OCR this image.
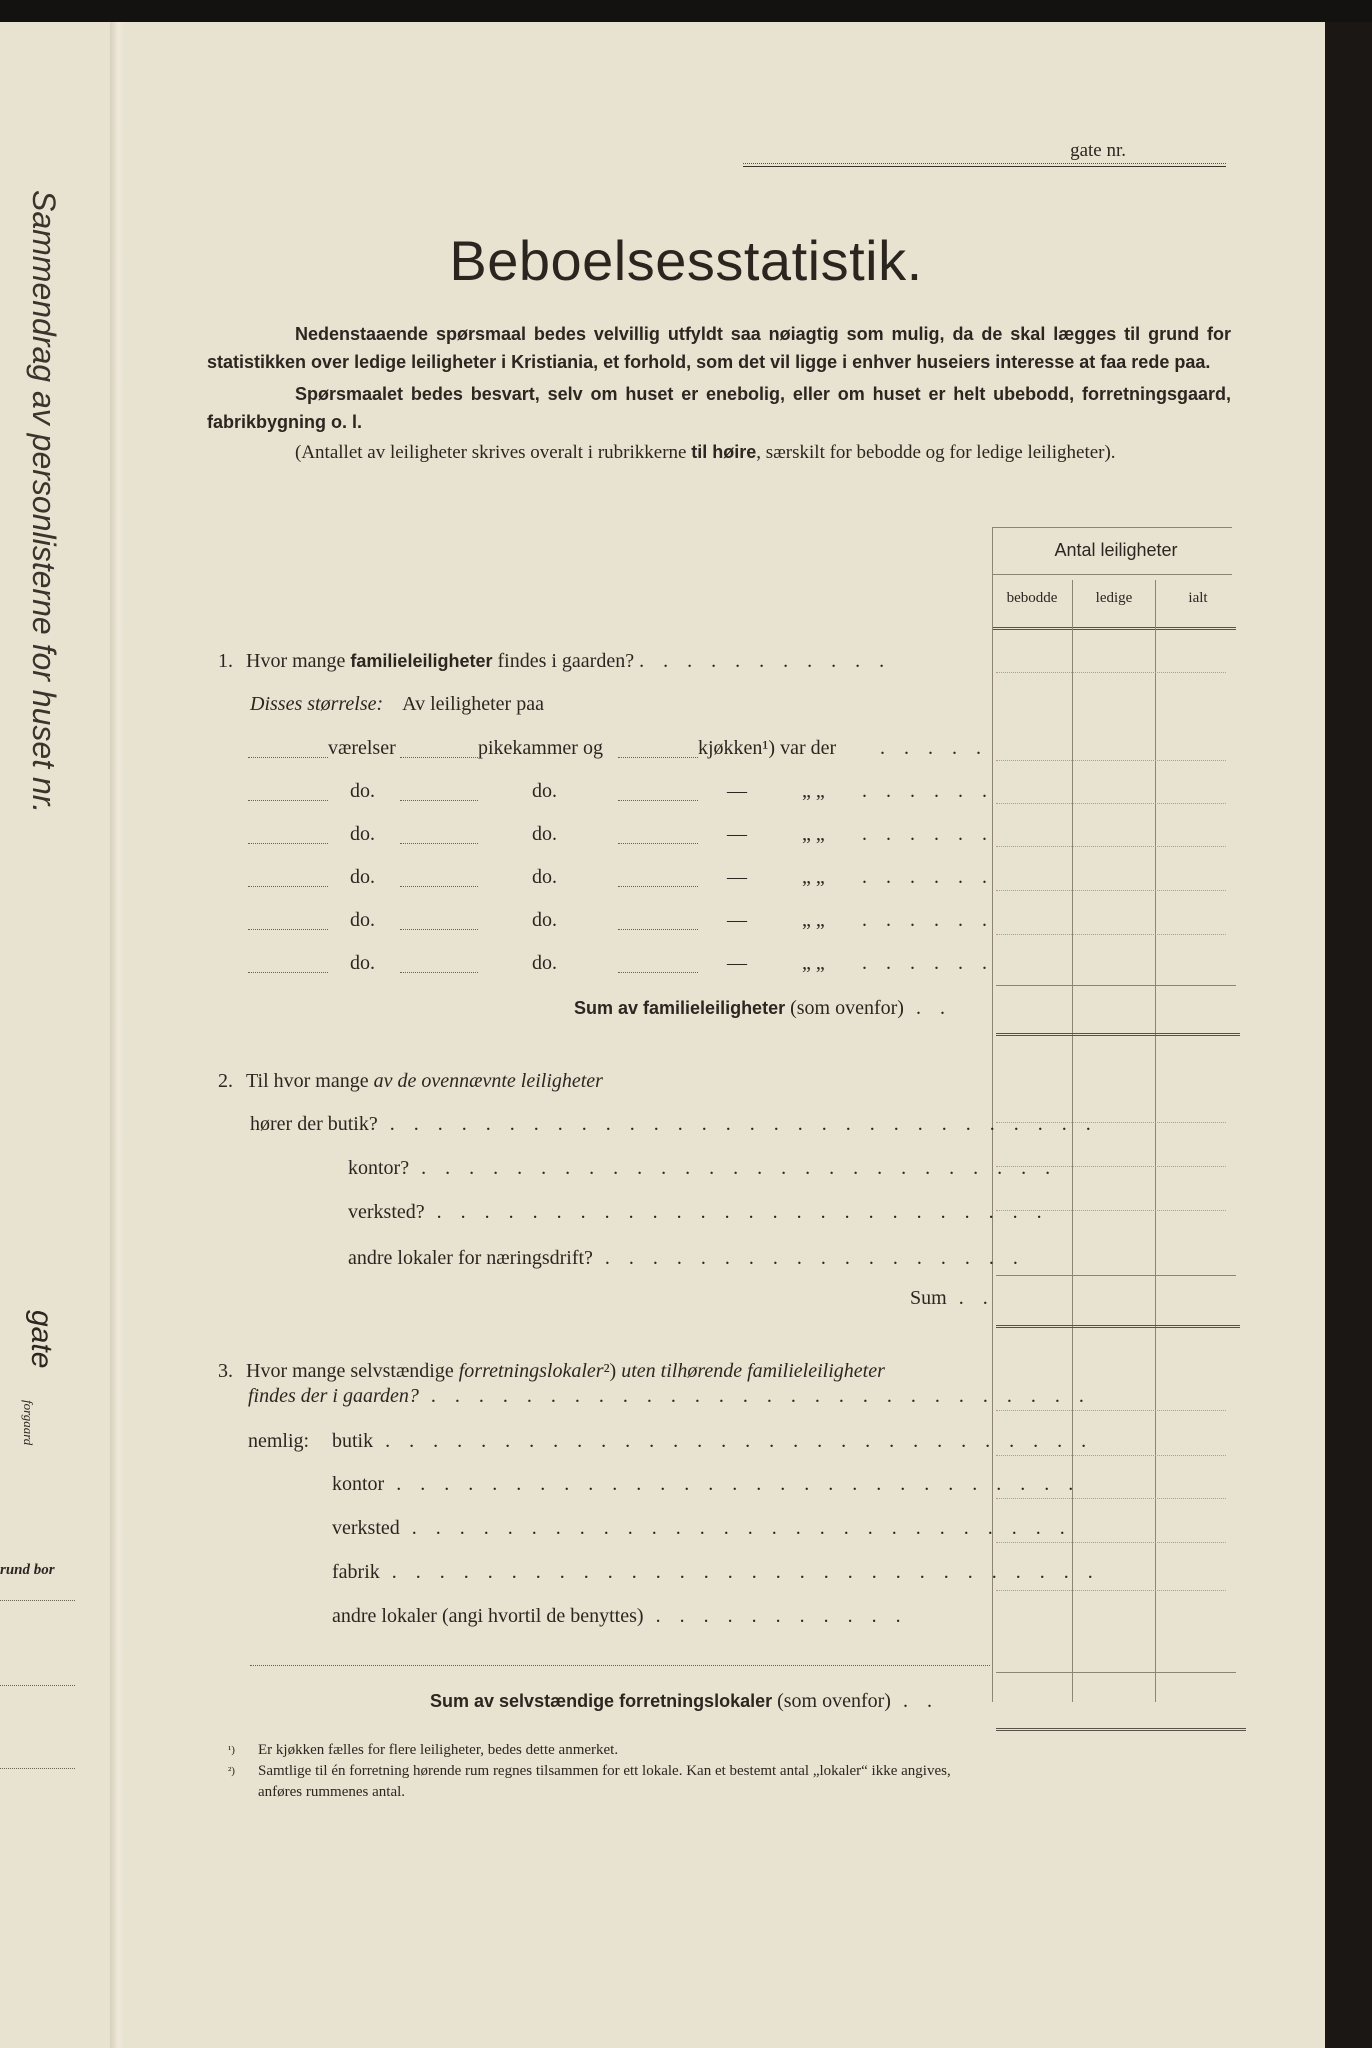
Sammendrag av personlisterne for huset nr.
gate
forgaard
rund bor
gate nr.
Beboelsesstatistik.

Nedenstaaende spørsmaal bedes velvillig utfyldt saa nøiagtig som mulig, da de skal lægges til grund for statistikken over ledige leiligheter i Kristiania, et forhold, som det vil ligge i enhver huseiers interesse at faa rede paa.

Spørsmaalet bedes besvart, selv om huset er enebolig, eller om huset er helt ubebodd, forretningsgaard, fabrikbygning o. l.

(Antallet av leiligheter skrives overalt i rubrikkerne til høire, særskilt for bebodde og for ledige leiligheter).

Antal leiligheter
bebodde	ledige	ialt
1. Hvor mange familieleiligheter findes i gaarden? . . . . . . . . . . .
Disses størrelse: Av leiligheter paa
værelser	pikekammer og	kjøkken¹) var der . . . . .
do.	do.	—	„ „ . . . . . .
do.	do.	—	„ „ . . . . . .
do.	do.	—	„ „ . . . . . .
do.	do.	—	„ „ . . . . . .
do.	do.	—	„ „ . . . . . .
Sum av familieleiligheter (som ovenfor) . .
2. Til hvor mange av de ovennævnte leiligheter
hører der butik? . . . . . . . . . . . . . . . . . . . . . . . . . . . . . .
kontor? . . . . . . . . . . . . . . . . . . . . . . . . . . .
verksted? . . . . . . . . . . . . . . . . . . . . . . . . . .
andre lokaler for næringsdrift? . . . . . . . . . . . . . . . . . .
Sum . .
3. Hvor mange selvstændige forretningslokaler²) uten tilhørende familieleiligheter
findes der i gaarden? . . . . . . . . . . . . . . . . . . . . . . . . . . . .
nemlig: butik . . . . . . . . . . . . . . . . . . . . . . . . . . . . . .
kontor . . . . . . . . . . . . . . . . . . . . . . . . . . . . .
verksted . . . . . . . . . . . . . . . . . . . . . . . . . . . .
fabrik . . . . . . . . . . . . . . . . . . . . . . . . . . . . . .
andre lokaler (angi hvortil de benyttes) . . . . . . . . . . .
Sum av selvstændige forretningslokaler (som ovenfor) . .
¹) Er kjøkken fælles for flere leiligheter, bedes dette anmerket.
²) Samtlige til én forretning hørende rum regnes tilsammen for ett lokale. Kan et bestemt antal „lokaler“ ikke angives,
anføres rummenes antal.
